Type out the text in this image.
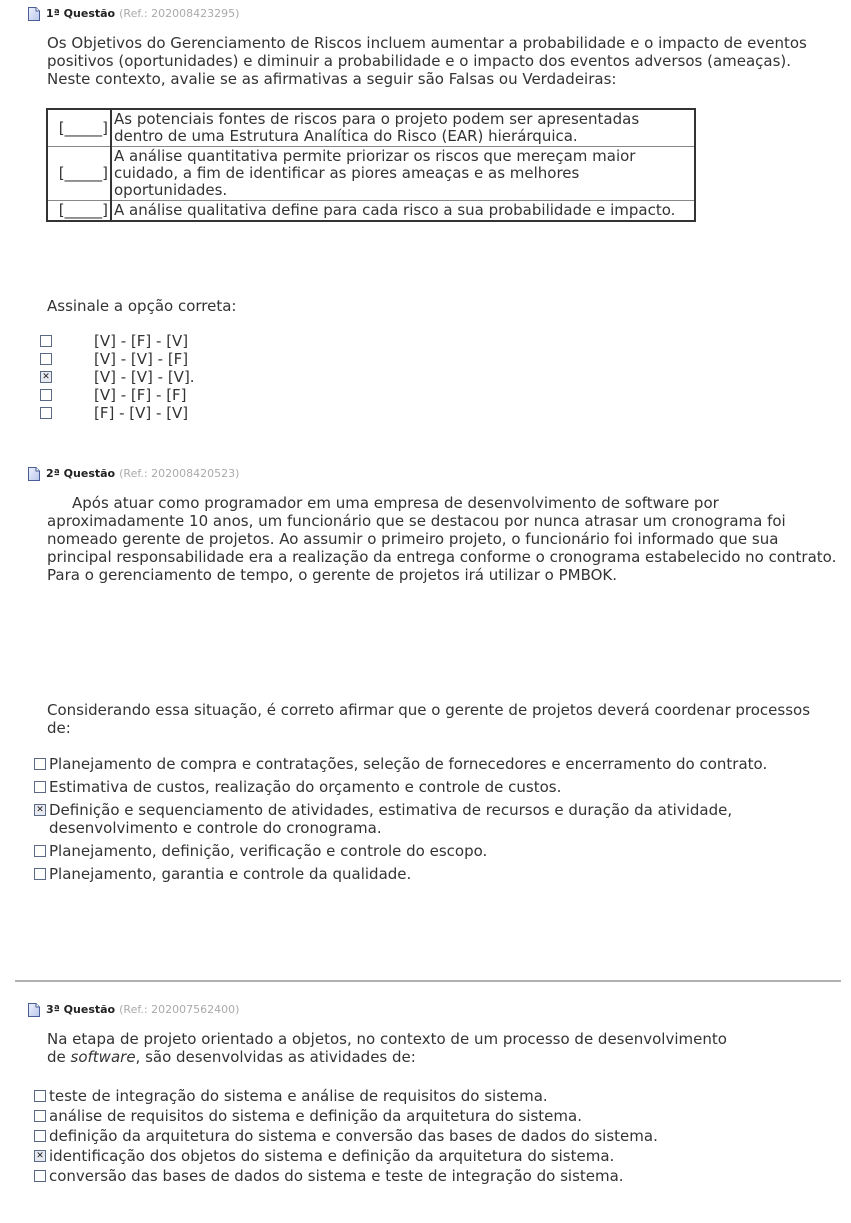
1ª Questão (Ref.: 202008423295)
Os Objetivos do Gerenciamento de Riscos incluem aumentar a probabilidade e o impacto de eventos positivos (oportunidades) e diminuir a probabilidade e o impacto dos eventos adversos (ameaças). Neste contexto, avalie se as afirmativas a seguir são Falsas ou Verdadeiras:
[_____]	As potenciais fontes de riscos para o projeto podem ser apresentadas dentro de uma Estrutura Analítica do Risco (EAR) hierárquica.
[_____]	A análise quantitativa permite priorizar os riscos que mereçam maior cuidado, a fim de identificar as piores ameaças e as melhores oportunidades.
[_____]	A análise qualitativa define para cada risco a sua probabilidade e impacto.
Assinale a opção correta:
[V] - [F] - [V]
[V] - [V] - [F]
✕	[V] - [V] - [V].
[V] - [F] - [F]
[F] - [V] - [V]
2ª Questão (Ref.: 202008420523)
Após atuar como programador em uma empresa de desenvolvimento de software por aproximadamente 10 anos, um funcionário que se destacou por nunca atrasar um cronograma foi nomeado gerente de projetos. Ao assumir o primeiro projeto, o funcionário foi informado que sua principal responsabilidade era a realização da entrega conforme o cronograma estabelecido no contrato. Para o gerenciamento de tempo, o gerente de projetos irá utilizar o PMBOK.
Considerando essa situação, é correto afirmar que o gerente de projetos deverá coordenar processos de:
Planejamento de compra e contratações, seleção de fornecedores e encerramento do contrato.
Estimativa de custos, realização do orçamento e controle de custos.
✕ Definição e sequenciamento de atividades, estimativa de recursos e duração da atividade, desenvolvimento e controle do cronograma.
Planejamento, definição, verificação e controle do escopo.
Planejamento, garantia e controle da qualidade.
3ª Questão (Ref.: 202007562400)
Na etapa de projeto orientado a objetos, no contexto de um processo de desenvolvimento de software, são desenvolvidas as atividades de:
teste de integração do sistema e análise de requisitos do sistema.
análise de requisitos do sistema e definição da arquitetura do sistema.
definição da arquitetura do sistema e conversão das bases de dados do sistema.
✕ identificação dos objetos do sistema e definição da arquitetura do sistema.
conversão das bases de dados do sistema e teste de integração do sistema.
